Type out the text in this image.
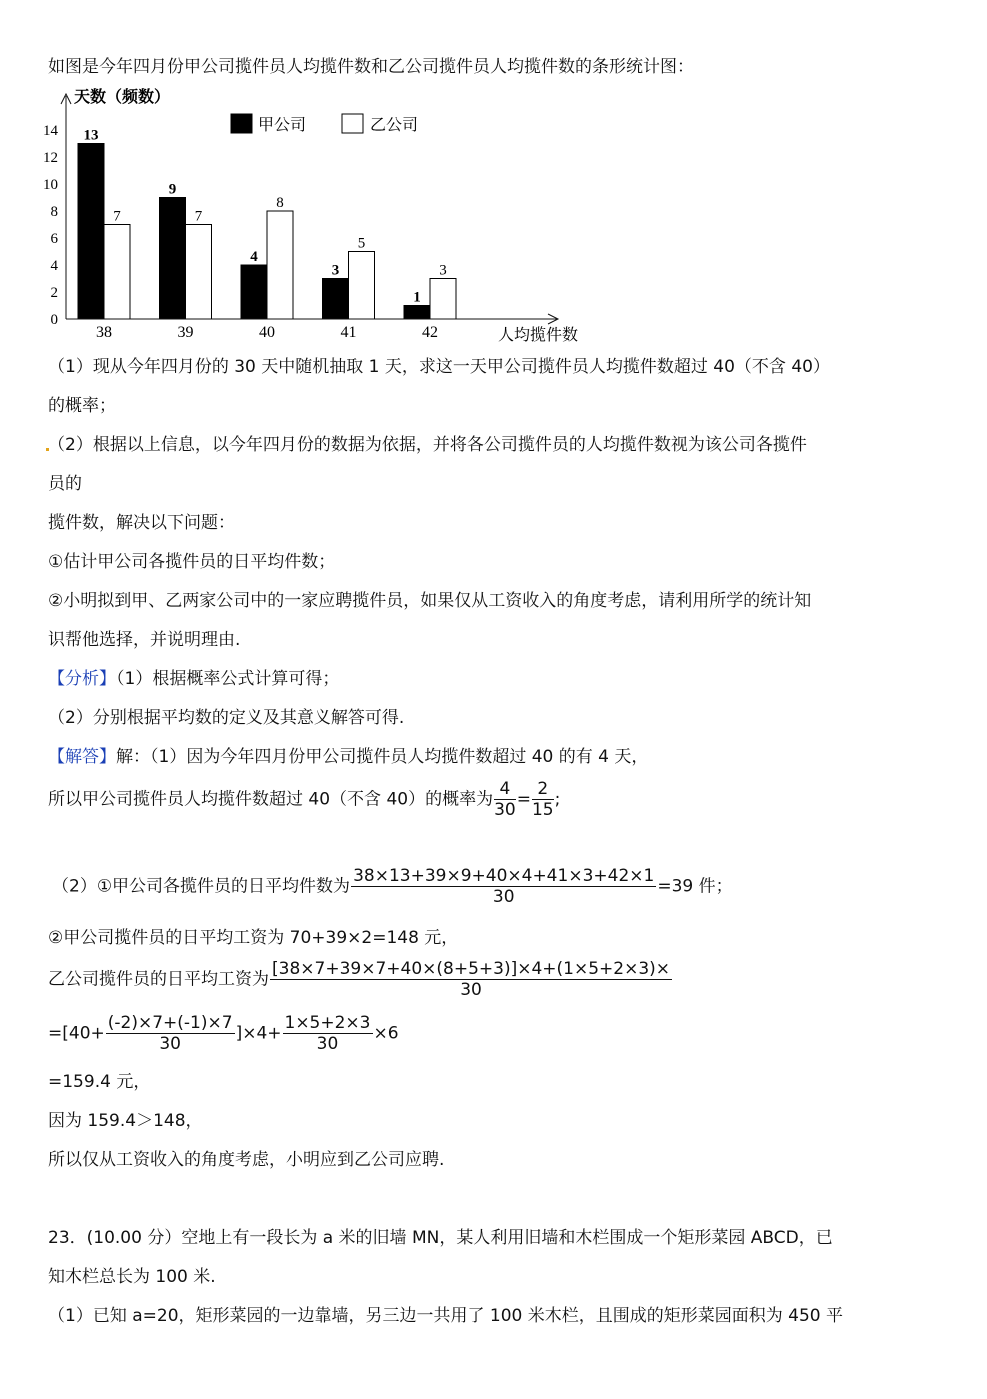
如图是今年四月份甲公司揽件员人均揽件数和乙公司揽件员人均揽件数的条形统计图：
0
2
4
6
8
10
12
14 13
7
38
9
7
39
4
8
40
3
5
41
1
3
42
天数（频数）
人均揽件数
甲公司	乙公司
（1）现从今年四月份的 30 天中随机抽取 1 天，求这一天甲公司揽件员人均揽件数超过 40（不含 40）
的概率；
（2）根据以上信息，以今年四月份的数据为依据，并将各公司揽件员的人均揽件数视为该公司各揽件
员的
揽件数，解决以下问题：
①估计甲公司各揽件员的日平均件数；
②小明拟到甲、乙两家公司中的一家应聘揽件员，如果仅从工资收入的角度考虑，请利用所学的统计知
识帮他选择，并说明理由.
【分析】（1）根据概率公式计算可得；
（2）分别根据平均数的定义及其意义解答可得.
【解答】解：（1）因为今年四月份甲公司揽件员人均揽件数超过 40 的有 4 天，
所以甲公司揽件员人均揽件数超过 40（不含 40）的概率为 $\frac{4}{30} = \frac{2}{15}$ ;
（2）①甲公司各揽件员的日平均件数为 $\frac{38\times 13+39\times 9+40\times 4+41\times 3+42\times 1}{30} =39$ 件；
②甲公司揽件员的日平均工资为 70+39×2=148 元，
乙公司揽件员的日平均工资为 $\frac{[38\times 7+39\times 7+40\times(8+5+3)]\times 4+(1\times 5+2\times 3)\times}{30}$
$=[40+ \frac{(-2)\times 7+(-1)\times 7}{30} ]\times 4+ \frac{1\times 5+2\times 3}{30} \times 6$
=159.4 元，
因为 159.4＞148，
所以仅从工资收入的角度考虑，小明应到乙公司应聘.
23．(10.00 分）空地上有一段长为 a 米的旧墙 MN，某人利用旧墙和木栏围成一个矩形菜园 ABCD，已
知木栏总长为 100 米.
（1）已知 a=20，矩形菜园的一边靠墙，另三边一共用了 100 米木栏，且围成的矩形菜园面积为 450 平
